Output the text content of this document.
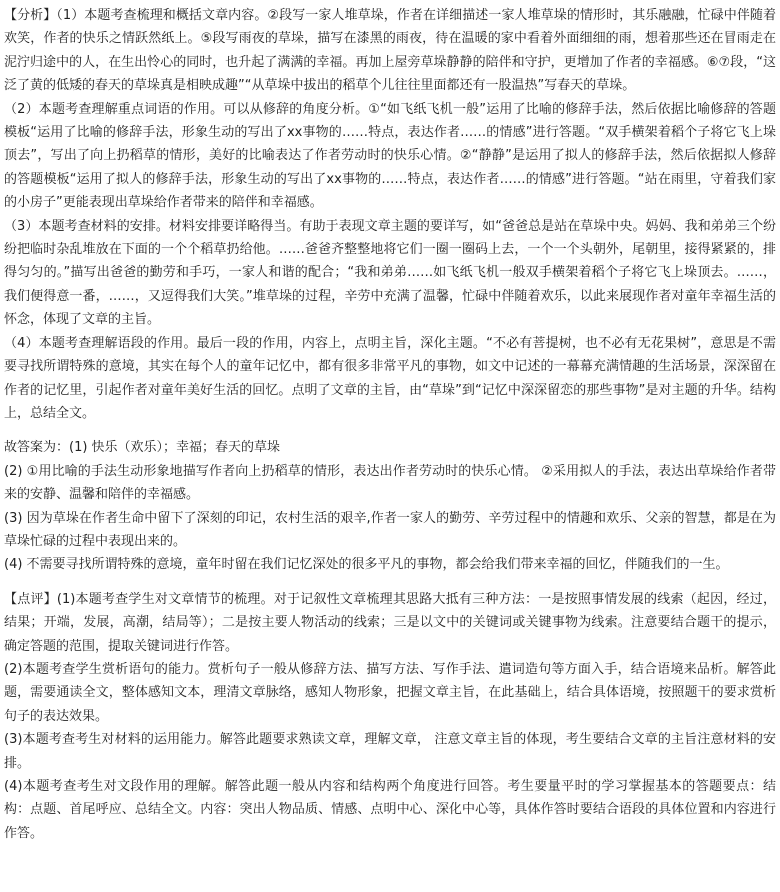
【分析】（1）本题考查梳理和概括文章内容。②段写一家人堆草垛，作者在详细描述一家人堆草垛的情形时，其乐融融，忙碌中伴随着欢笑，作者的快乐之情跃然纸上。⑤段写雨夜的草垛，描写在漆黑的雨夜，待在温暖的家中看着外面细细的雨，想着那些还在冒雨走在泥泞归途中的人，在生出怜心的同时，也升起了满满的幸福。再加上屋旁草垛静静的陪伴和守护，更增加了作者的幸福感。⑥⑦段，“这泛了黄的低矮的春天的草垛真是相映成趣”“从草垛中拔出的稻草个儿往往里面都还有一股温热”写春天的草垛。

（2）本题考查理解重点词语的作用。可以从修辞的角度分析。①“如飞纸飞机一般”运用了比喻的修辞手法，然后依据比喻修辞的答题模板“运用了比喻的修辞手法，形象生动的写出了xx事物的……特点，表达作者……的情感”进行答题。“双手横架着稻个子将它飞上垛顶去”，写出了向上扔稻草的情形，美好的比喻表达了作者劳动时的快乐心情。②“静静”是运用了拟人的修辞手法，然后依据拟人修辞的答题模板“运用了拟人的修辞手法，形象生动的写出了xx事物的……特点，表达作者……的情感”进行答题。“站在雨里，守着我们家的小房子”更能表现出草垛给作者带来的陪伴和幸福感。

（3）本题考查材料的安排。材料安排要详略得当。有助于表现文章主题的要详写，如“爸爸总是站在草垛中央。妈妈、我和弟弟三个纷纷把临时杂乱堆放在下面的一个个稻草扔给他。……爸爸齐整整地将它们一圈一圈码上去，一个一个头朝外，尾朝里，接得紧紧的，排得匀匀的。”描写出爸爸的勤劳和手巧，一家人和谐的配合；“我和弟弟……如飞纸飞机一般双手横架着稻个子将它飞上垛顶去。……，我们便得意一番，……，又逗得我们大笑。”堆草垛的过程，辛劳中充满了温馨，忙碌中伴随着欢乐，以此来展现作者对童年幸福生活的怀念，体现了文章的主旨。

（4）本题考查理解语段的作用。最后一段的作用，内容上，点明主旨，深化主题。“不必有菩提树，也不必有无花果树”，意思是不需要寻找所谓特殊的意境，其实在每个人的童年记忆中，都有很多非常平凡的事物，如文中记述的一幕幕充满情趣的生活场景，深深留在作者的记忆里，引起作者对童年美好生活的回忆。点明了文章的主旨，由“草垛”到“记忆中深深留恋的那些事物”是对主题的升华。结构上，总结全文。

故答案为：(1) 快乐（欢乐）；幸福；春天的草垛

(2) ①用比喻的手法生动形象地描写作者向上扔稻草的情形，表达出作者劳动时的快乐心情。 ②采用拟人的手法，表达出草垛给作者带来的安静、温馨和陪伴的幸福感。

(3) 因为草垛在作者生命中留下了深刻的印记，农村生活的艰辛,作者一家人的勤劳、辛劳过程中的情趣和欢乐、父亲的智慧，都是在为草垛忙碌的过程中表现出来的。

(4) 不需要寻找所谓特殊的意境，童年时留在我们记忆深处的很多平凡的事物，都会给我们带来幸福的回忆，伴随我们的一生。

【点评】(1)本题考查学生对文章情节的梳理。对于记叙性文章梳理其思路大抵有三种方法：一是按照事情发展的线索（起因，经过，结果；开端，发展，高潮，结局等）；二是按主要人物活动的线索；三是以文中的关键词或关键事物为线索。注意要结合题干的提示，确定答题的范围，提取关键词进行作答。

(2)本题考查学生赏析语句的能力。赏析句子一般从修辞方法、描写方法、写作手法、遣词造句等方面入手，结合语境来品析。解答此题，需要通读全文，整体感知文本，理清文章脉络，感知人物形象，把握文章主旨，在此基础上，结合具体语境，按照题干的要求赏析句子的表达效果。

(3)本题考查考生对材料的运用能力。解答此题要求熟读文章，理解文章， 注意文章主旨的体现，考生要结合文章的主旨注意材料的安排。

(4)本题考查考生对文段作用的理解。解答此题一般从内容和结构两个角度进行回答。考生要量平时的学习掌握基本的答题要点：结构：点题、首尾呼应、总结全文。内容：突出人物品质、情感、点明中心、深化中心等，具体作答时要结合语段的具体位置和内容进行作答。
